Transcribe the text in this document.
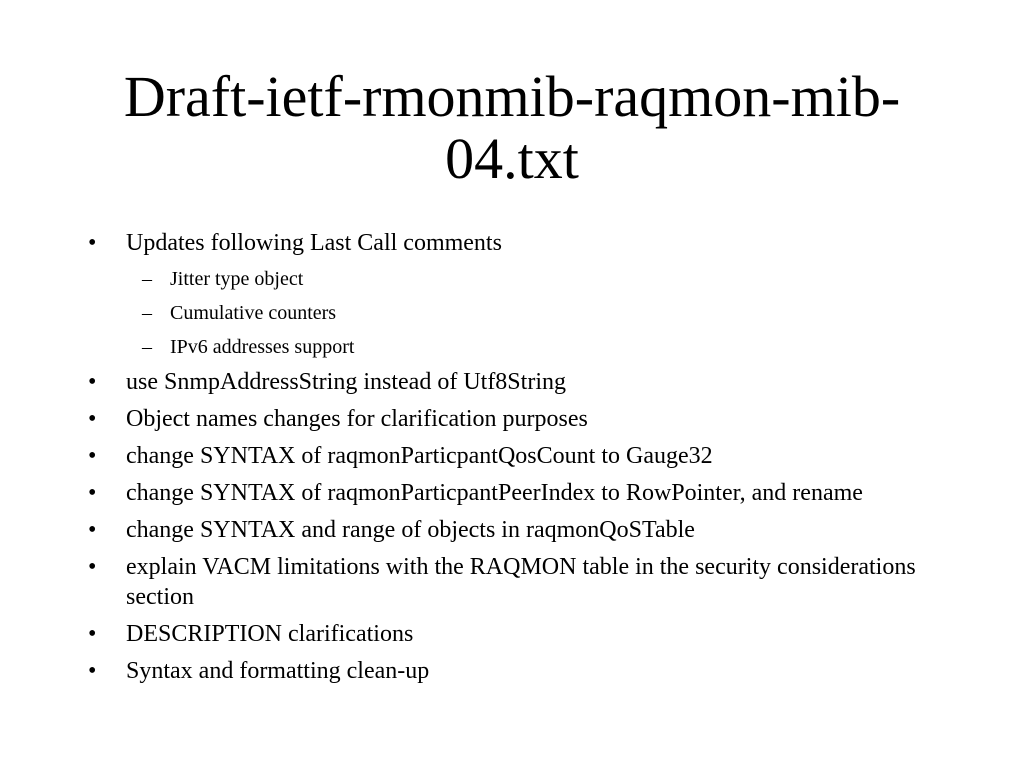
Draft-ietf-rmonmib-raqmon-mib-04.txt
• Updates following Last Call comments
– Jitter type object
– Cumulative counters
– IPv6 addresses support
• use SnmpAddressString instead of Utf8String
• Object names changes for clarification purposes
• change SYNTAX of raqmonParticpantQosCount to Gauge32
• change SYNTAX of raqmonParticpantPeerIndex to RowPointer, and rename
• change SYNTAX and range of objects in raqmonQoSTable
• explain VACM limitations with the RAQMON table in the security considerations section
• DESCRIPTION clarifications
• Syntax and formatting clean-up
